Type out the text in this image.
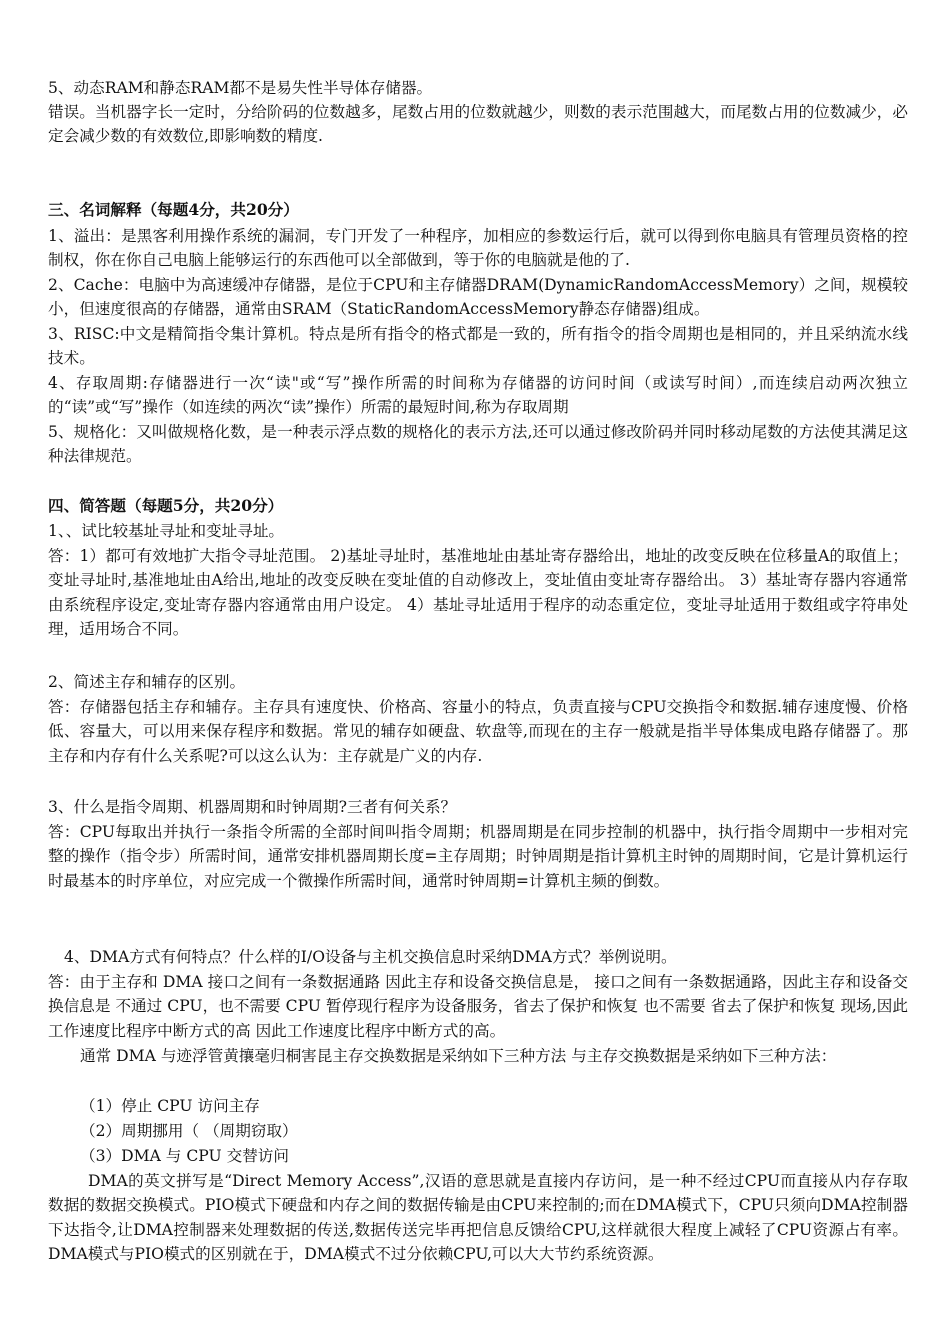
5、动态RAM和静态RAM都不是易失性半导体存储器。

错误。当机器字长一定时，分给阶码的位数越多，尾数占用的位数就越少，则数的表示范围越大，而尾数占用的位数减少，必定会减少数的有效数位,即影响数的精度.

三、名词解释（每题4分，共20分）

1、溢出：是黑客利用操作系统的漏洞，专门开发了一种程序，加相应的参数运行后，就可以得到你电脑具有管理员资格的控制权，你在你自己电脑上能够运行的东西他可以全部做到，等于你的电脑就是他的了.

2、Cache：电脑中为高速缓冲存储器，是位于CPU和主存储器DRAM(DynamicRandomAccessMemory）之间，规模较小，但速度很高的存储器，通常由SRAM（StaticRandomAccessMemory静态存储器)组成。

3、RISC:中文是精简指令集计算机。特点是所有指令的格式都是一致的，所有指令的指令周期也是相同的，并且采纳流水线技术。

4、存取周期:存储器进行一次“读"或“写”操作所需的时间称为存储器的访问时间（或读写时间）,而连续启动两次独立的“读”或“写”操作（如连续的两次“读”操作）所需的最短时间,称为存取周期

5、规格化：又叫做规格化数，是一种表示浮点数的规格化的表示方法,还可以通过修改阶码并同时移动尾数的方法使其满足这种法律规范。

四、简答题（每题5分，共20分）

1、、试比较基址寻址和变址寻址。

答：1）都可有效地扩大指令寻址范围。 2)基址寻址时，基准地址由基址寄存器给出，地址的改变反映在位移量A的取值上；变址寻址时,基准地址由A给出,地址的改变反映在变址值的自动修改上，变址值由变址寄存器给出。 3）基址寄存器内容通常由系统程序设定,变址寄存器内容通常由用户设定。 4）基址寻址适用于程序的动态重定位，变址寻址适用于数组或字符串处理，适用场合不同。

2、简述主存和辅存的区别。

答：存储器包括主存和辅存。主存具有速度快、价格高、容量小的特点，负责直接与CPU交换指令和数据.辅存速度慢、价格低、容量大，可以用来保存程序和数据。常见的辅存如硬盘、软盘等,而现在的主存一般就是指半导体集成电路存储器了。那主存和内存有什么关系呢?可以这么认为：主存就是广义的内存.

3、什么是指令周期、机器周期和时钟周期?三者有何关系？

答：CPU每取出并执行一条指令所需的全部时间叫指令周期；机器周期是在同步控制的机器中，执行指令周期中一步相对完整的操作（指令步）所需时间，通常安排机器周期长度=主存周期；时钟周期是指计算机主时钟的周期时间，它是计算机运行时最基本的时序单位，对应完成一个微操作所需时间，通常时钟周期=计算机主频的倒数。

4、DMA方式有何特点？什么样的I/O设备与主机交换信息时采纳DMA方式？举例说明。

答：由于主存和 DMA 接口之间有一条数据通路 因此主存和设备交换信息是， 接口之间有一条数据通路，因此主存和设备交换信息是 不通过 CPU，也不需要 CPU 暂停现行程序为设备服务，省去了保护和恢复 也不需要 省去了保护和恢复 现场,因此工作速度比程序中断方式的高 因此工作速度比程序中断方式的高。

通常 DMA 与迹浮管黄攘毫归桐害昆主存交换数据是采纳如下三种方法 与主存交换数据是采纳如下三种方法：

（1）停止 CPU 访问主存

（2）周期挪用（ （周期窃取）

（3）DMA 与 CPU 交替访问

DMA的英文拼写是“Direct Memory Access”,汉语的意思就是直接内存访问，是一种不经过CPU而直接从内存存取数据的数据交换模式。PIO模式下硬盘和内存之间的数据传输是由CPU来控制的;而在DMA模式下，CPU只须向DMA控制器下达指令,让DMA控制器来处理数据的传送,数据传送完毕再把信息反馈给CPU,这样就很大程度上减轻了CPU资源占有率。DMA模式与PIO模式的区别就在于，DMA模式不过分依赖CPU,可以大大节约系统资源。
